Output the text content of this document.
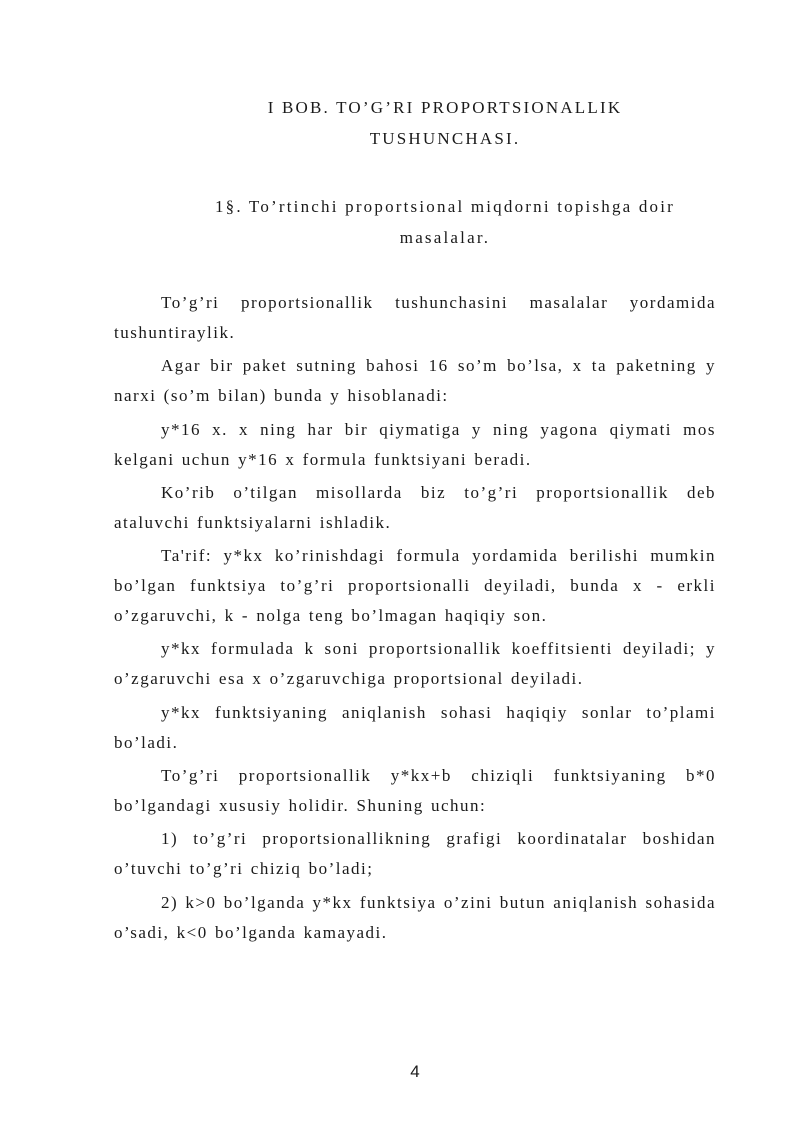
I BOB. TO’G’RI PROPORTSIONALLIK
TUSHUNCHASI.
1§. To’rtinchi proportsional miqdorni topishga doir
masalalar.

To’g’ri proportsionallik tushunchasini masalalar yordamida tushuntiraylik.

Agar bir paket sutning bahosi 16 so’m bo’lsa, x ta paketning y narxi (so’m bilan) bunda y hisoblanadi:

y*16 x. x ning har bir qiymatiga y ning yagona qiymati mos kelgani uchun y*16 x formula funktsiyani beradi.

Ko’rib o’tilgan misollarda biz to’g’ri proportsionallik deb ataluvchi funktsiyalarni ishladik.

Ta'rif: y*kx ko’rinishdagi formula yordamida berilishi mumkin bo’lgan funktsiya to’g’ri proportsionalli deyiladi, bunda x - erkli o’zgaruvchi, k - nolga teng bo’lmagan haqiqiy son.

y*kx formulada k soni proportsionallik koeffitsienti deyiladi; y o’zgaruvchi esa x o’zgaruvchiga proportsional deyiladi.

y*kx funktsiyaning aniqlanish sohasi haqiqiy sonlar to’plami bo’ladi.

To’g’ri proportsionallik y*kx+b chiziqli funktsiyaning b*0 bo’lgandagi xususiy holidir. Shuning uchun:

1) to’g’ri proportsionallikning grafigi koordinatalar boshidan o’tuvchi to’g’ri chiziq bo’ladi;

2) k>0 bo’lganda y*kx funktsiya o’zini butun aniqlanish sohasida o’sadi, k<0 bo’lganda kamayadi.

4
